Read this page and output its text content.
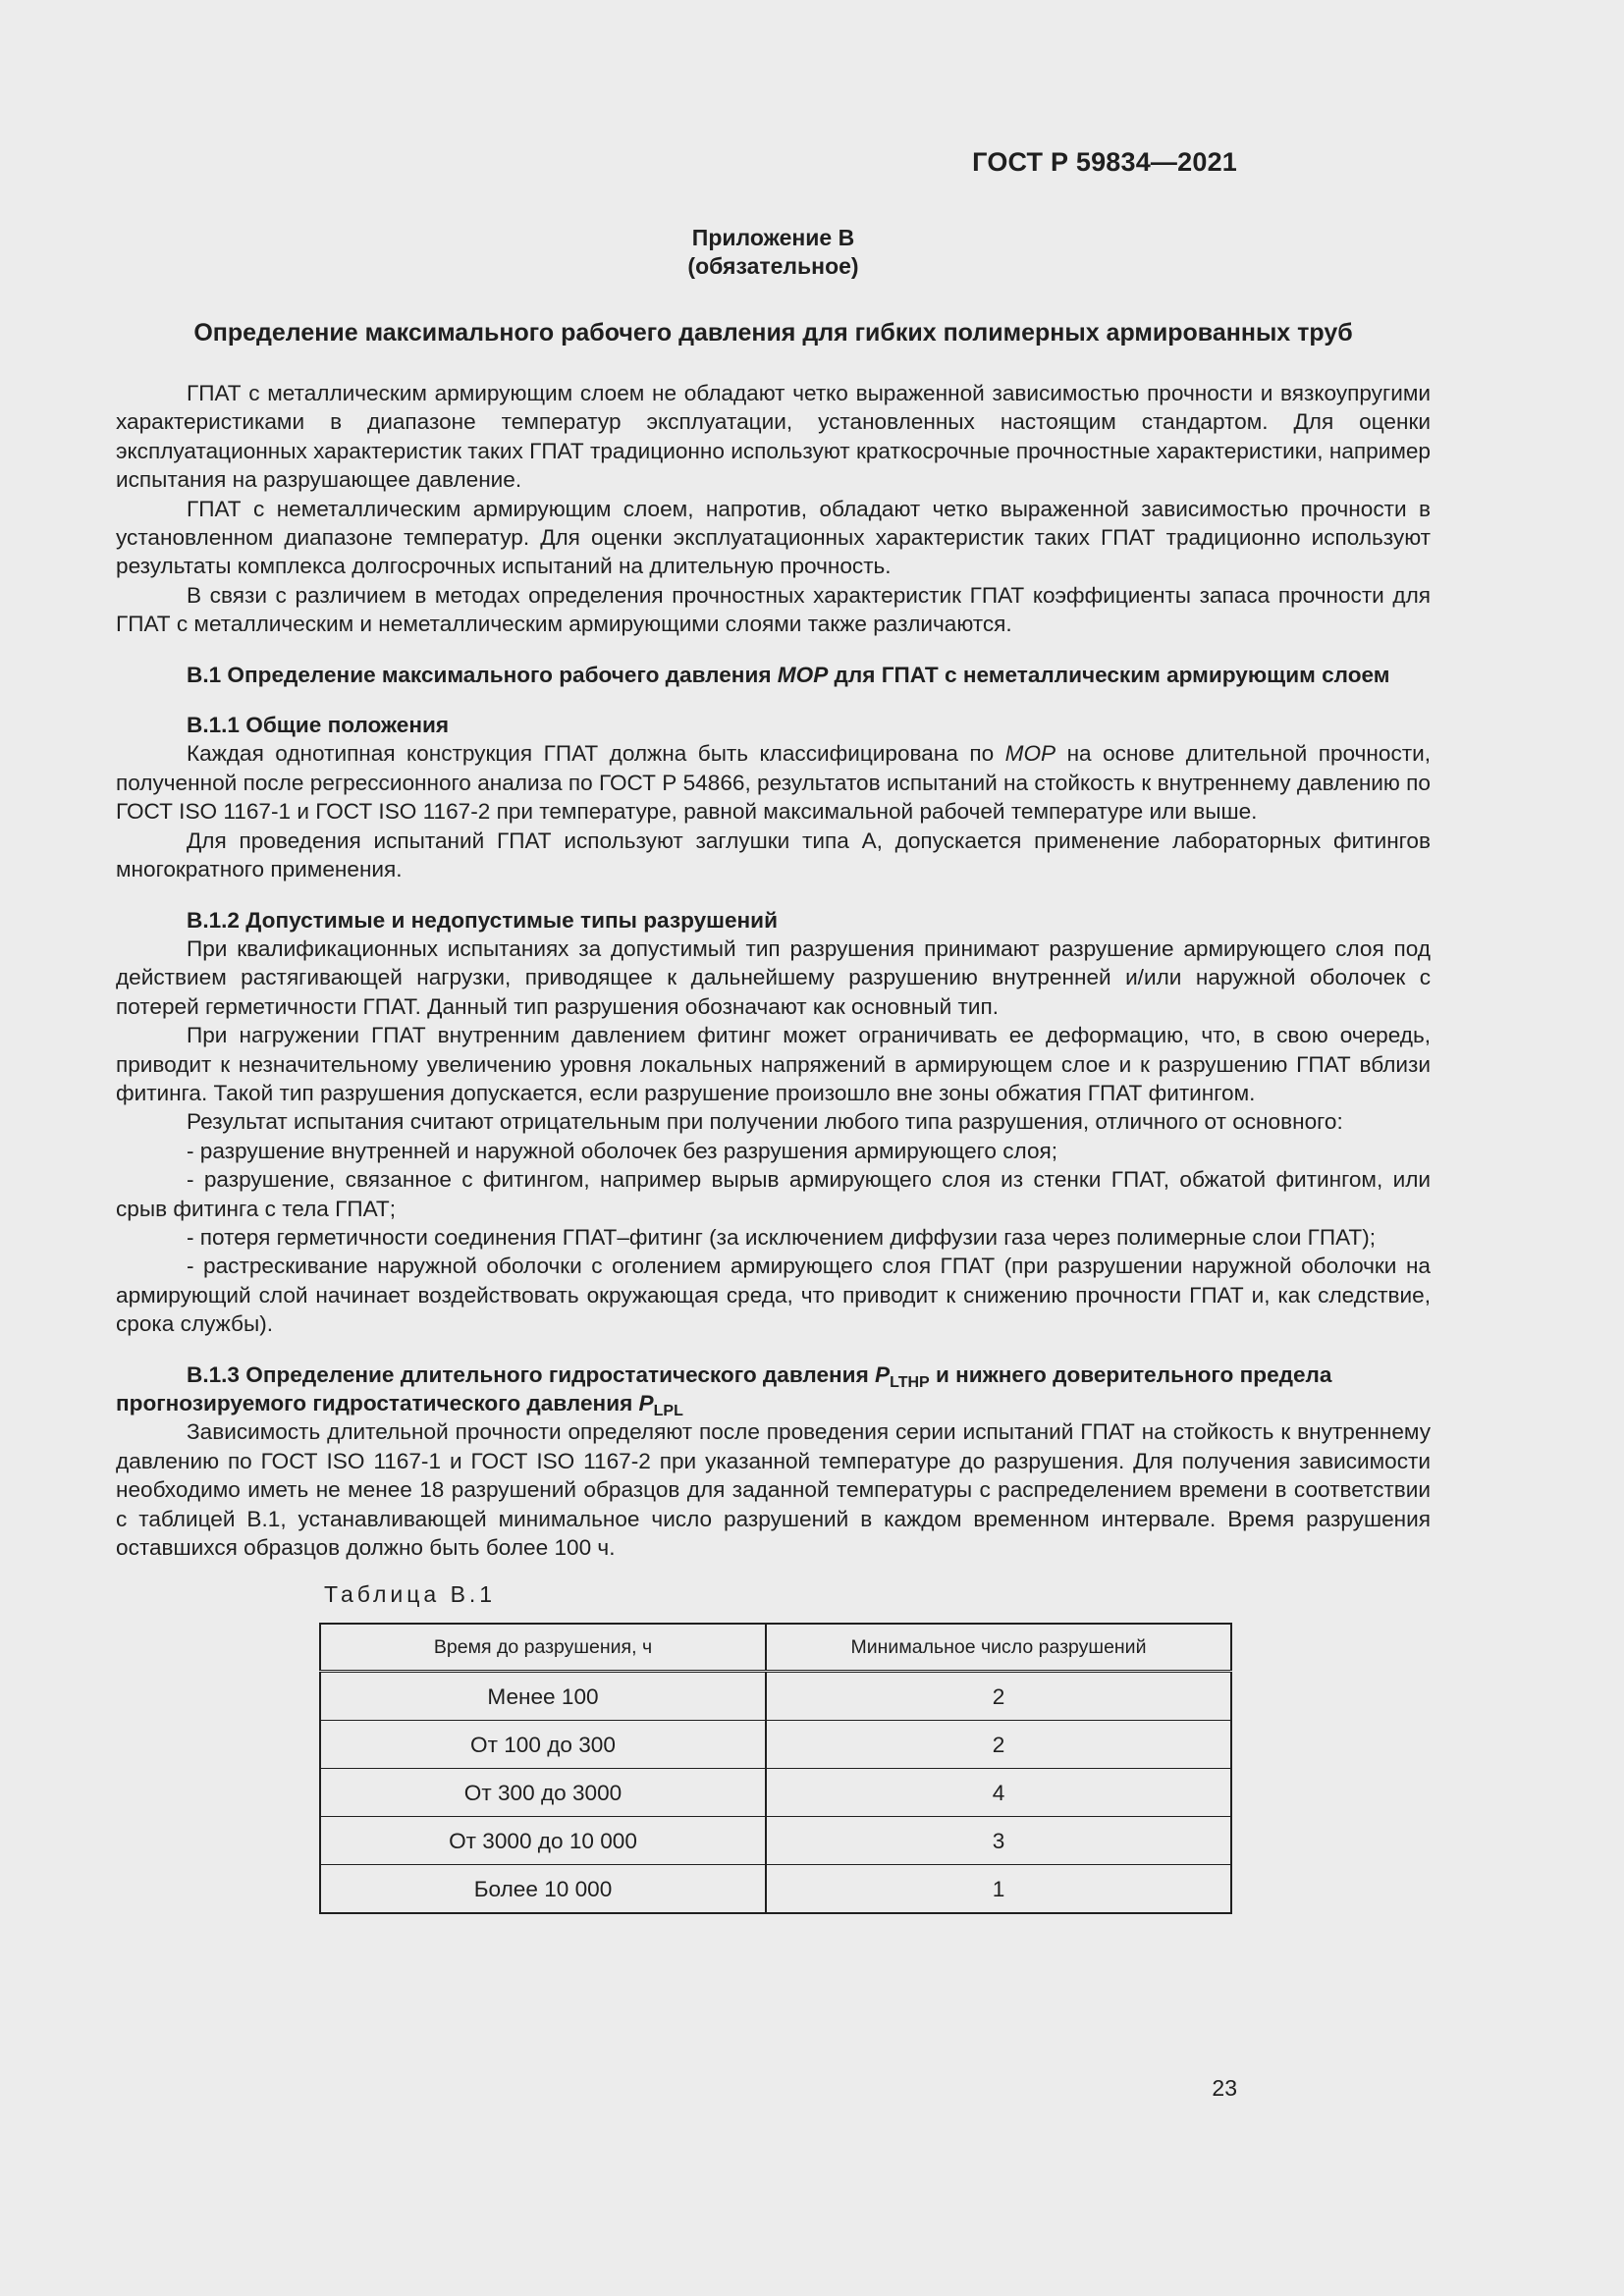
ГОСТ Р 59834—2021
Приложение В
(обязательное)
Определение максимального рабочего давления для гибких полимерных армированных труб

ГПАТ с металлическим армирующим слоем не обладают четко выраженной зависимостью прочности и вязкоупругими характеристиками в диапазоне температур эксплуатации, установленных настоящим стандартом. Для оценки эксплуатационных характеристик таких ГПАТ традиционно используют краткосрочные прочностные характеристики, например испытания на разрушающее давление.

ГПАТ с неметаллическим армирующим слоем, напротив, обладают четко выраженной зависимостью прочности в установленном диапазоне температур. Для оценки эксплуатационных характеристик таких ГПАТ традиционно используют результаты комплекса долгосрочных испытаний на длительную прочность.

В связи с различием в методах определения прочностных характеристик ГПАТ коэффициенты запаса прочности для ГПАТ с металлическим и неметаллическим армирующими слоями также различаются.

В.1 Определение максимального рабочего давления МОР для ГПАТ с неметаллическим армирующим слоем
В.1.1 Общие положения

Каждая однотипная конструкция ГПАТ должна быть классифицирована по МОР на основе длительной прочности, полученной после регрессионного анализа по ГОСТ Р 54866, результатов испытаний на стойкость к внутреннему давлению по ГОСТ ISO 1167-1 и ГОСТ ISO 1167-2 при температуре, равной максимальной рабочей температуре или выше.

Для проведения испытаний ГПАТ используют заглушки типа А, допускается применение лабораторных фитингов многократного применения.

В.1.2 Допустимые и недопустимые типы разрушений

При квалификационных испытаниях за допустимый тип разрушения принимают разрушение армирующего слоя под действием растягивающей нагрузки, приводящее к дальнейшему разрушению внутренней и/или наружной оболочек с потерей герметичности ГПАТ. Данный тип разрушения обозначают как основный тип.

При нагружении ГПАТ внутренним давлением фитинг может ограничивать ее деформацию, что, в свою очередь, приводит к незначительному увеличению уровня локальных напряжений в армирующем слое и к разрушению ГПАТ вблизи фитинга. Такой тип разрушения допускается, если разрушение произошло вне зоны обжатия ГПАТ фитингом.

Результат испытания считают отрицательным при получении любого типа разрушения, отличного от основного:

- разрушение внутренней и наружной оболочек без разрушения армирующего слоя;

- разрушение, связанное с фитингом, например вырыв армирующего слоя из стенки ГПАТ, обжатой фитингом, или срыв фитинга с тела ГПАТ;

- потеря герметичности соединения ГПАТ–фитинг (за исключением диффузии газа через полимерные слои ГПАТ);

- растрескивание наружной оболочки с оголением армирующего слоя ГПАТ (при разрушении наружной оболочки на армирующий слой начинает воздействовать окружающая среда, что приводит к снижению прочности ГПАТ и, как следствие, срока службы).

В.1.3 Определение длительного гидростатического давления $P_{LTHP}$ и нижнего доверительного предела прогнозируемого гидростатического давления $P_{LPL}$

Зависимость длительной прочности определяют после проведения серии испытаний ГПАТ на стойкость к внутреннему давлению по ГОСТ ISO 1167-1 и ГОСТ ISO 1167-2 при указанной температуре до разрушения. Для получения зависимости необходимо иметь не менее 18 разрушений образцов для заданной температуры с распределением времени в соответствии с таблицей В.1, устанавливающей минимальное число разрушений в каждом временном интервале. Время разрушения оставшихся образцов должно быть более 100 ч.

Таблица В.1
Время до разрушения, ч	Минимальное число разрушений
Менее 100	2
От 100 до 300	2
От 300 до 3000	4
От 3000 до 10 000	3
Более 10 000	1
23
